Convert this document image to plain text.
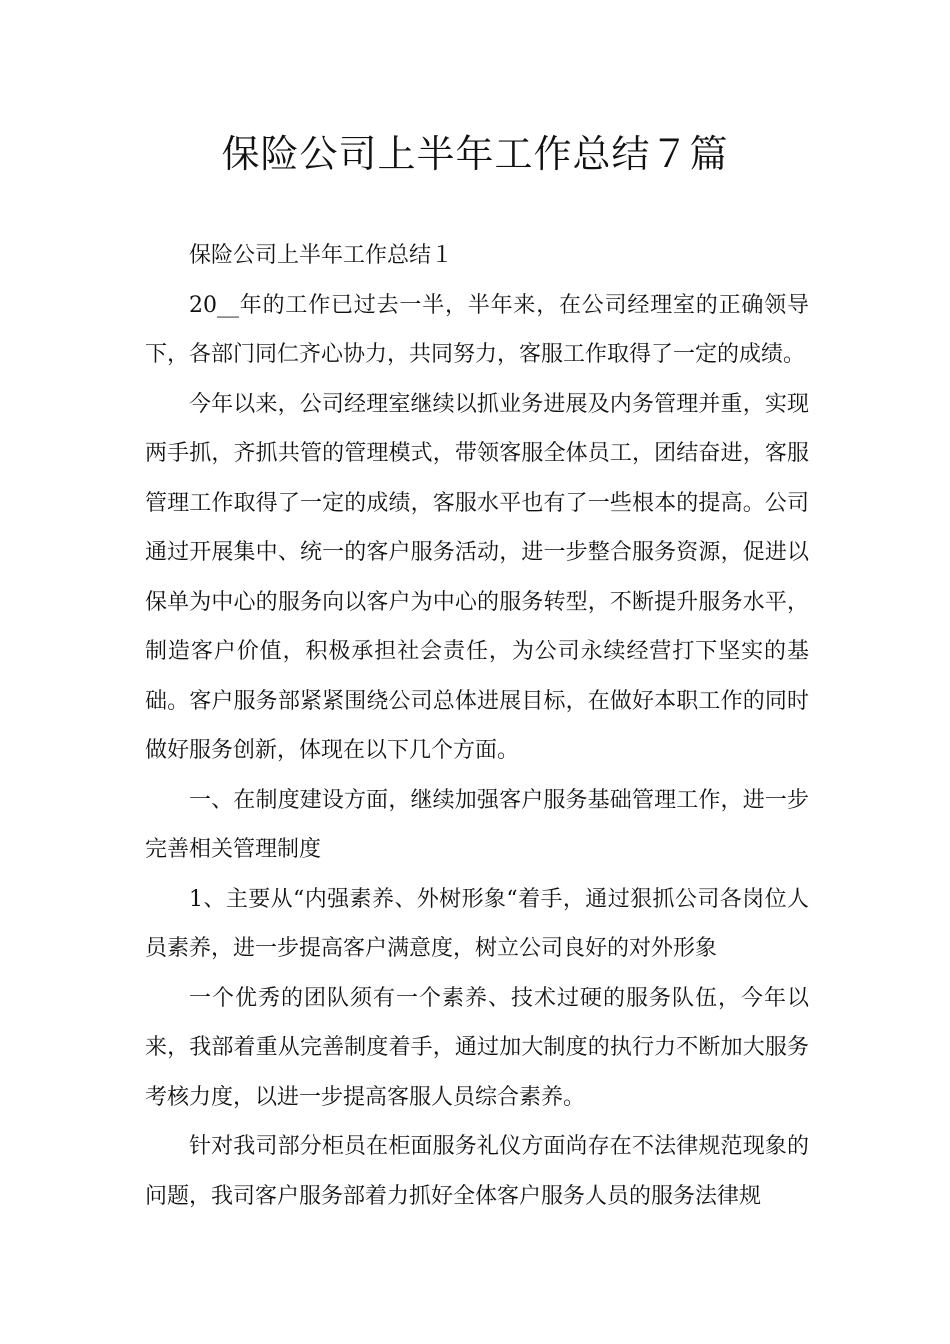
保险公司上半年工作总结７篇

保险公司上半年工作总结１

20__年的工作已过去一半，半年来，在公司经理室的正确领导下，各部门同仁齐心协力，共同努力，客服工作取得了一定的成绩。

今年以来，公司经理室继续以抓业务进展及内务管理并重，实现两手抓，齐抓共管的管理模式，带领客服全体员工，团结奋进，客服管理工作取得了一定的成绩，客服水平也有了一些根本的提高。公司通过开展集中、统一的客户服务活动，进一步整合服务资源，促进以保单为中心的服务向以客户为中心的服务转型，不断提升服务水平，制造客户价值，积极承担社会责任，为公司永续经营打下坚实的基础。客户服务部紧紧围绕公司总体进展目标，在做好本职工作的同时做好服务创新，体现在以下几个方面。

一、在制度建设方面，继续加强客户服务基础管理工作，进一步完善相关管理制度

1、主要从“内强素养、外树形象“着手，通过狠抓公司各岗位人员素养，进一步提高客户满意度，树立公司良好的对外形象

一个优秀的团队须有一个素养、技术过硬的服务队伍，今年以来，我部着重从完善制度着手，通过加大制度的执行力不断加大服务考核力度，以进一步提高客服人员综合素养。

针对我司部分柜员在柜面服务礼仪方面尚存在不法律规范现象的问题，我司客户服务部着力抓好全体客户服务人员的服务法律规
